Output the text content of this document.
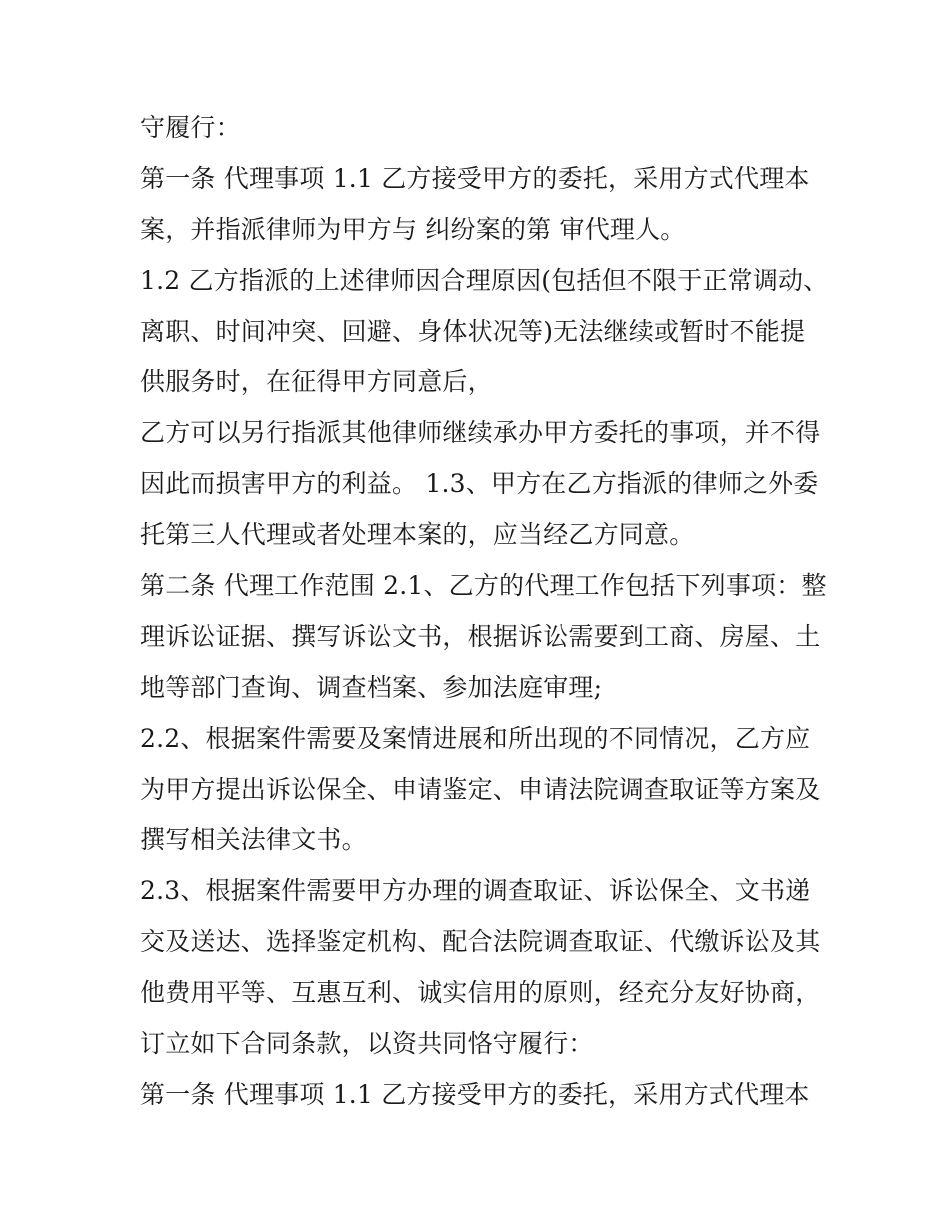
守履行：
第一条 代理事项 1.1 乙方接受甲方的委托，采用方式代理本
案，并指派律师为甲方与 纠纷案的第 审代理人。
1.2 乙方指派的上述律师因合理原因(包括但不限于正常调动、
离职、时间冲突、回避、身体状况等)无法继续或暂时不能提
供服务时，在征得甲方同意后，
乙方可以另行指派其他律师继续承办甲方委托的事项，并不得
因此而损害甲方的利益。 1.3、甲方在乙方指派的律师之外委
托第三人代理或者处理本案的，应当经乙方同意。
第二条 代理工作范围 2.1、乙方的代理工作包括下列事项：整
理诉讼证据、撰写诉讼文书，根据诉讼需要到工商、房屋、土
地等部门查询、调查档案、参加法庭审理;
2.2、根据案件需要及案情进展和所出现的不同情况，乙方应
为甲方提出诉讼保全、申请鉴定、申请法院调查取证等方案及
撰写相关法律文书。
2.3、根据案件需要甲方办理的调查取证、诉讼保全、文书递
交及送达、选择鉴定机构、配合法院调查取证、代缴诉讼及其
他费用平等、互惠互利、诚实信用的原则，经充分友好协商，
订立如下合同条款，以资共同恪守履行：
第一条 代理事项 1.1 乙方接受甲方的委托，采用方式代理本
